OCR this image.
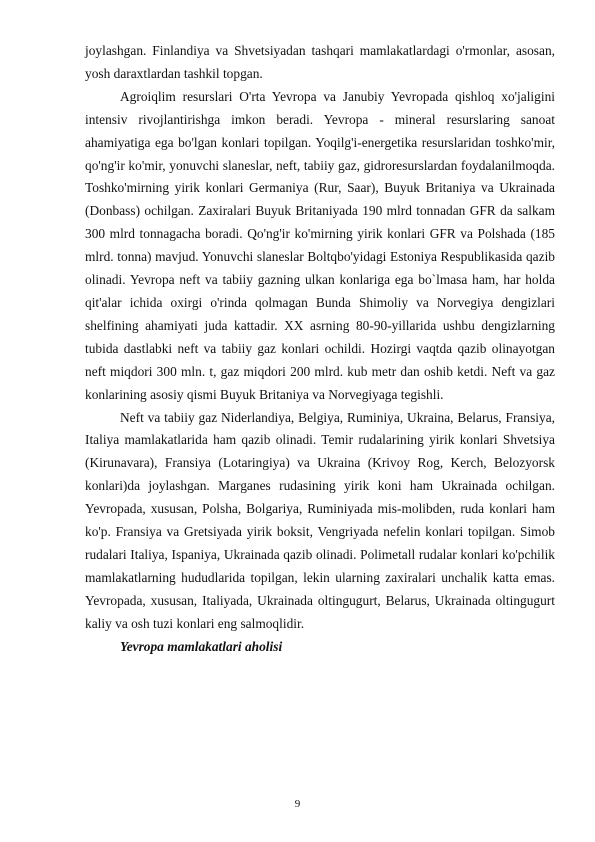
joylashgan. Finlandiya va Shvetsiyadan tashqari mamlakatlardagi o'rmonlar, asosan, yosh daraxtlardan tashkil topgan.

Agroiqlim resurslari O'rta Yevropa va Janubiy Yevropada qishloq xo'jaligini intensiv rivojlantirishga imkon beradi. Yevropa - mineral resurslaring sanoat ahamiyatiga ega bo'lgan konlari topilgan. Yoqilg'i-energetika resurslaridan toshko'mir, qo'ng'ir ko'mir, yonuvchi slaneslar, neft, tabiiy gaz, gidroresurslardan foydalanilmoqda. Toshko'mirning yirik konlari Germaniya (Rur, Saar), Buyuk Britaniya va Ukrainada (Donbass) ochilgan. Zaxiralari Buyuk Britaniyada 190 mlrd tonnadan GFR da salkam 300 mlrd tonnagacha boradi. Qo'ng'ir ko'mirning yirik konlari GFR va Polshada (185 mlrd. tonna) mavjud. Yonuvchi slaneslar Boltqbo'yidagi Estoniya Respublikasida qazib olinadi. Yevropa neft va tabiiy gazning ulkan konlariga ega bo`lmasa ham, har holda qit'alar ichida oxirgi o'rinda qolmagan Bunda Shimoliy va Norvegiya dengizlari shelfining ahamiyati juda kattadir. XX asrning 80-90-yillarida ushbu dengizlarning tubida dastlabki neft va tabiiy gaz konlari ochildi. Hozirgi vaqtda qazib olinayotgan neft miqdori 300 mln. t, gaz miqdori 200 mlrd. kub metr dan oshib ketdi. Neft va gaz konlarining asosiy qismi Buyuk Britaniya va Norvegiyaga tegishli.

Neft va tabiiy gaz Niderlandiya, Belgiya, Ruminiya, Ukraina, Belarus, Fransiya, Italiya mamlakatlarida ham qazib olinadi. Temir rudalarining yirik konlari Shvetsiya (Kirunavara), Fransiya (Lotaringiya) va Ukraina (Krivoy Rog, Kerch, Belozyorsk konlari)da joylashgan. Marganes rudasining yirik koni ham Ukrainada ochilgan. Yevropada, xususan, Polsha, Bolgariya, Ruminiyada mis-molibden, ruda konlari ham ko'p. Fransiya va Gretsiyada yirik boksit, Vengriyada nefelin konlari topilgan. Simob rudalari Italiya, Ispaniya, Ukrainada qazib olinadi. Polimetall rudalar konlari ko'pchilik mamlakatlarning hududlarida topilgan, lekin ularning zaxiralari unchalik katta emas. Yevropada, xususan, Italiyada, Ukrainada oltingugurt, Belarus, Ukrainada oltingugurt kaliy va osh tuzi konlari eng salmoqlidir.

Yevropa mamlakatlari aholisi

9
